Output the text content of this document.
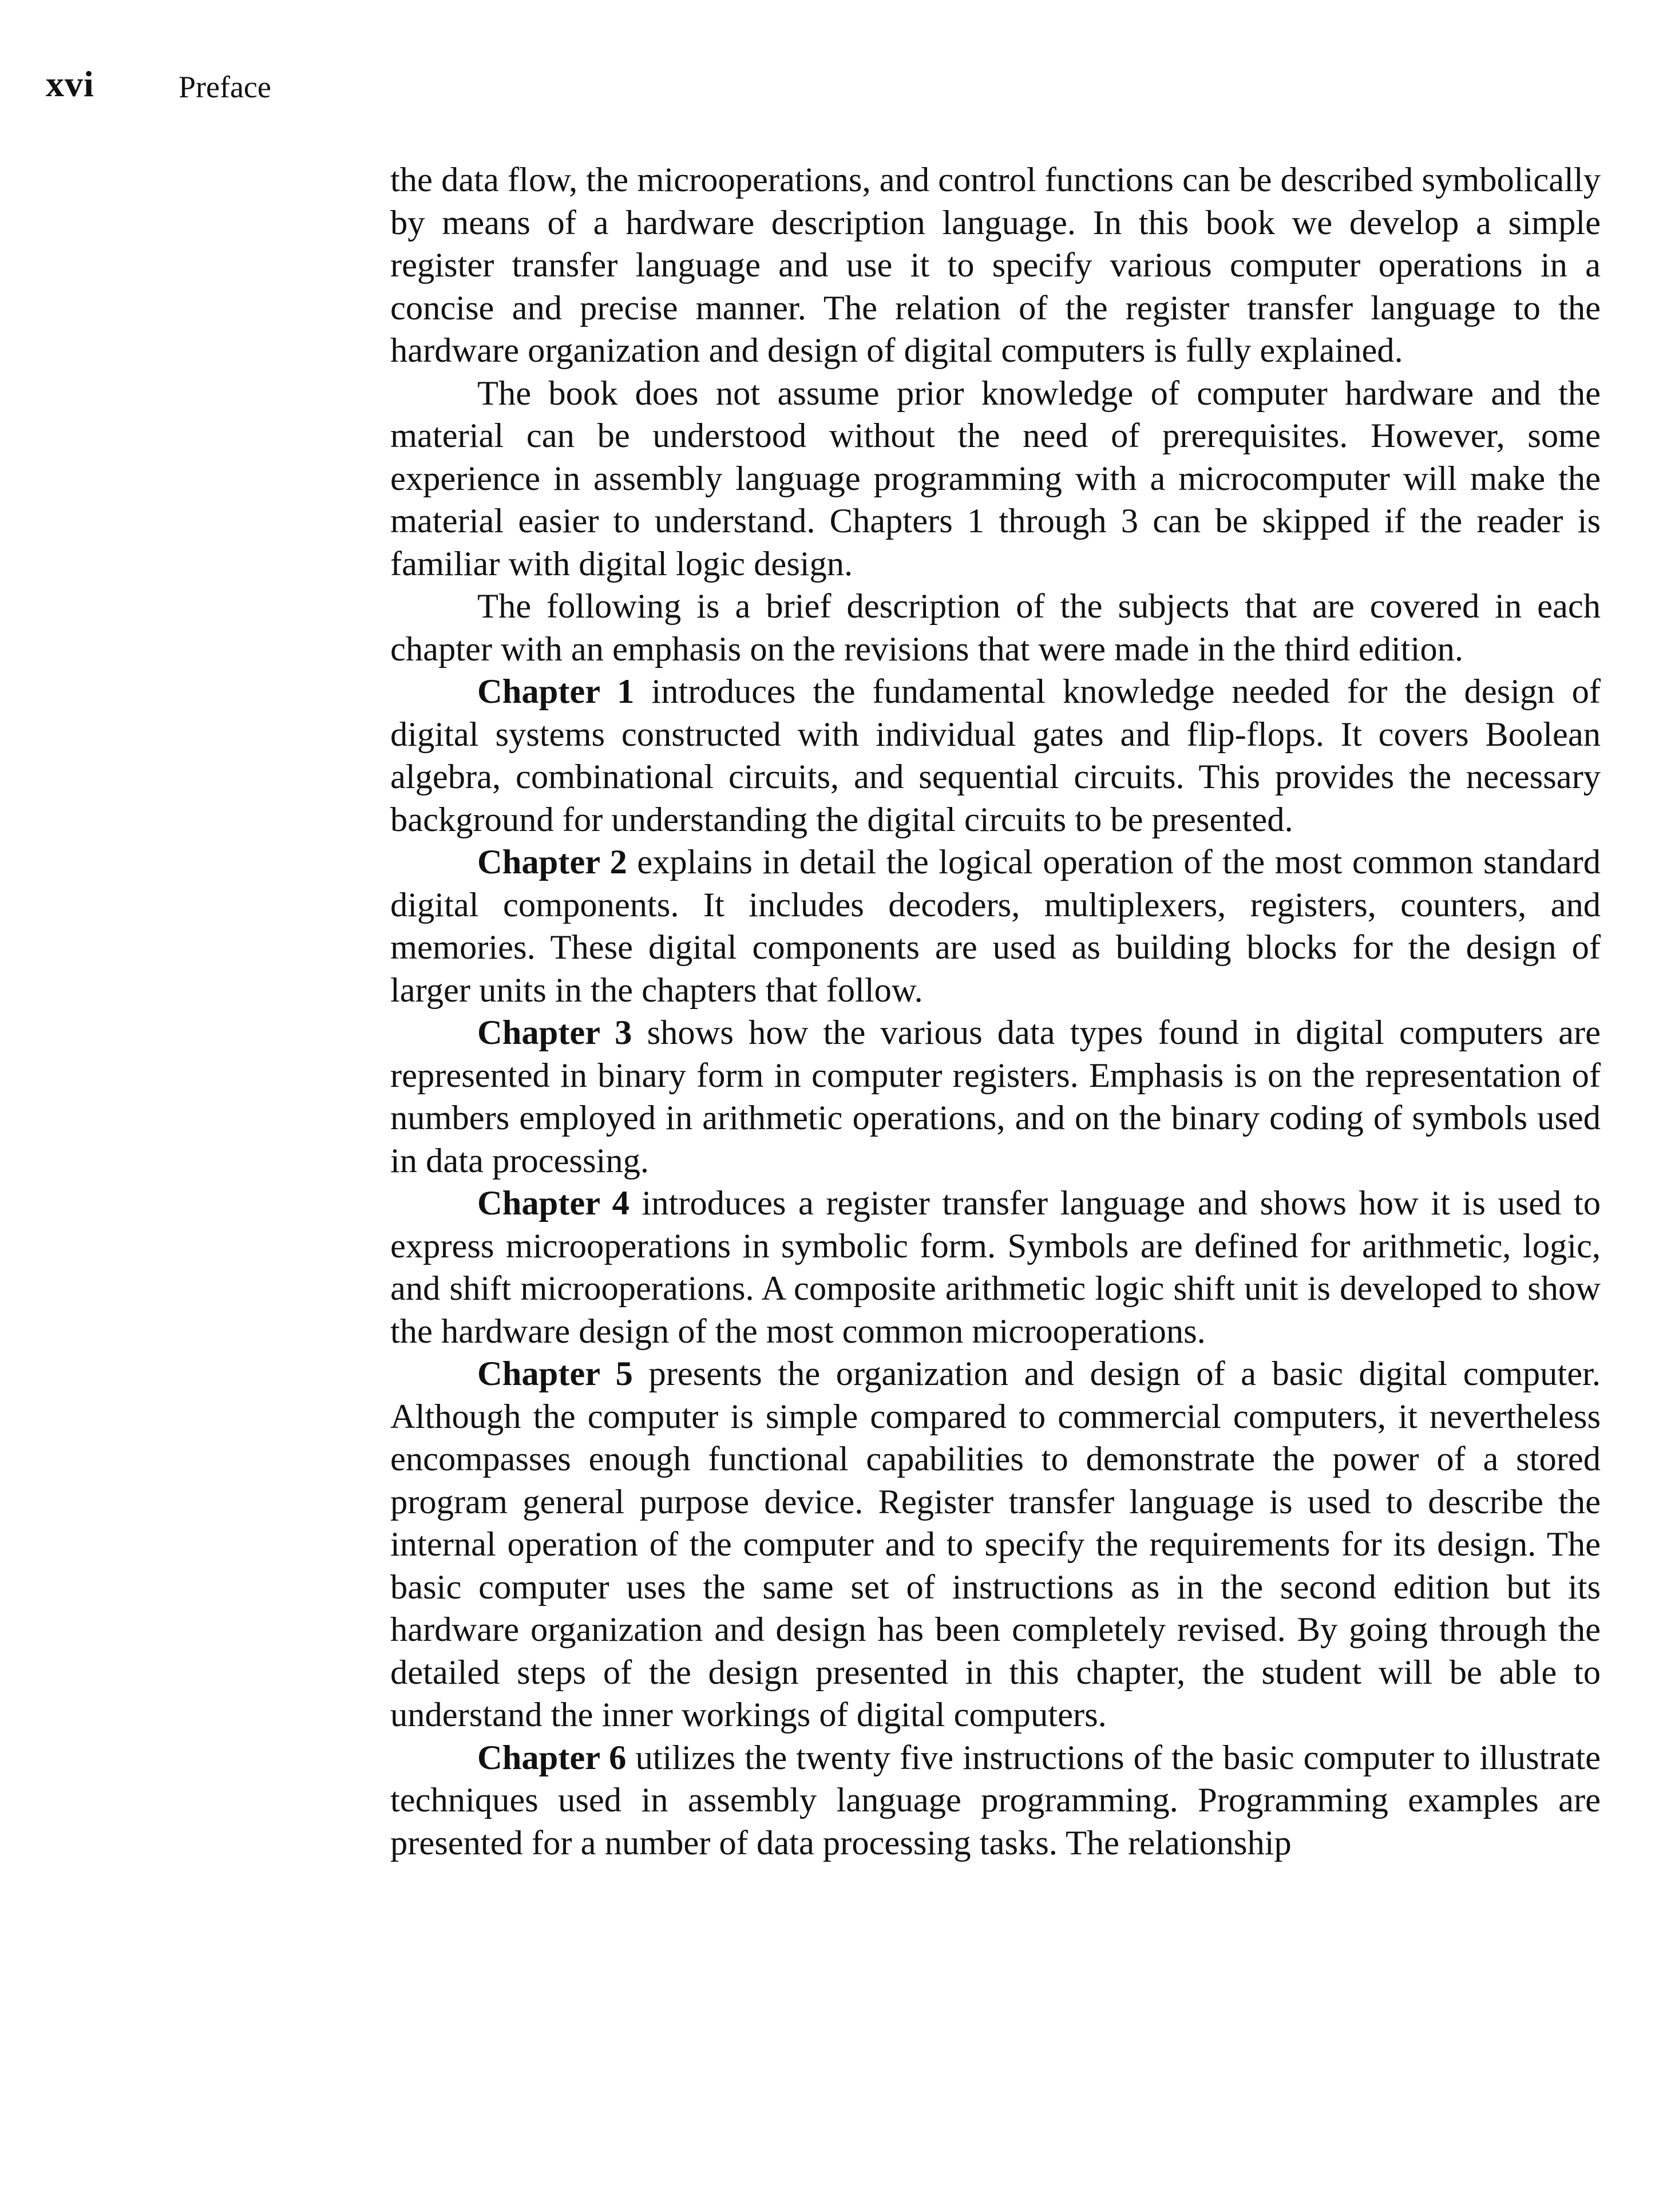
xvi	Preface

the data flow, the microoperations, and control functions can be described symbolically by means of a hardware description language. In this book we develop a simple register transfer language and use it to specify various computer operations in a concise and precise manner. The relation of the register transfer language to the hardware organization and design of digital computers is fully explained.

The book does not assume prior knowledge of computer hardware and the material can be understood without the need of prerequisites. However, some experience in assembly language programming with a microcomputer will make the material easier to understand. Chapters 1 through 3 can be skipped if the reader is familiar with digital logic design.

The following is a brief description of the subjects that are covered in each chapter with an emphasis on the revisions that were made in the third edition.

Chapter 1 introduces the fundamental knowledge needed for the design of digital systems constructed with individual gates and flip-flops. It covers Boolean algebra, combinational circuits, and sequential circuits. This provides the necessary background for understanding the digital circuits to be presented.

Chapter 2 explains in detail the logical operation of the most common standard digital components. It includes decoders, multiplexers, registers, counters, and memories. These digital components are used as building blocks for the design of larger units in the chapters that follow.

Chapter 3 shows how the various data types found in digital computers are represented in binary form in computer registers. Emphasis is on the representation of numbers employed in arithmetic operations, and on the binary coding of symbols used in data processing.

Chapter 4 introduces a register transfer language and shows how it is used to express microoperations in symbolic form. Symbols are defined for arithmetic, logic, and shift microoperations. A composite arithmetic logic shift unit is developed to show the hardware design of the most common microoperations.

Chapter 5 presents the organization and design of a basic digital computer. Although the computer is simple compared to commercial computers, it nevertheless encompasses enough functional capabilities to demonstrate the power of a stored program general purpose device. Register transfer language is used to describe the internal operation of the computer and to specify the requirements for its design. The basic computer uses the same set of instructions as in the second edition but its hardware organization and design has been completely revised. By going through the detailed steps of the design presented in this chapter, the student will be able to understand the inner workings of digital computers.

Chapter 6 utilizes the twenty five instructions of the basic computer to illustrate techniques used in assembly language programming. Programming examples are presented for a number of data processing tasks. The relationship
